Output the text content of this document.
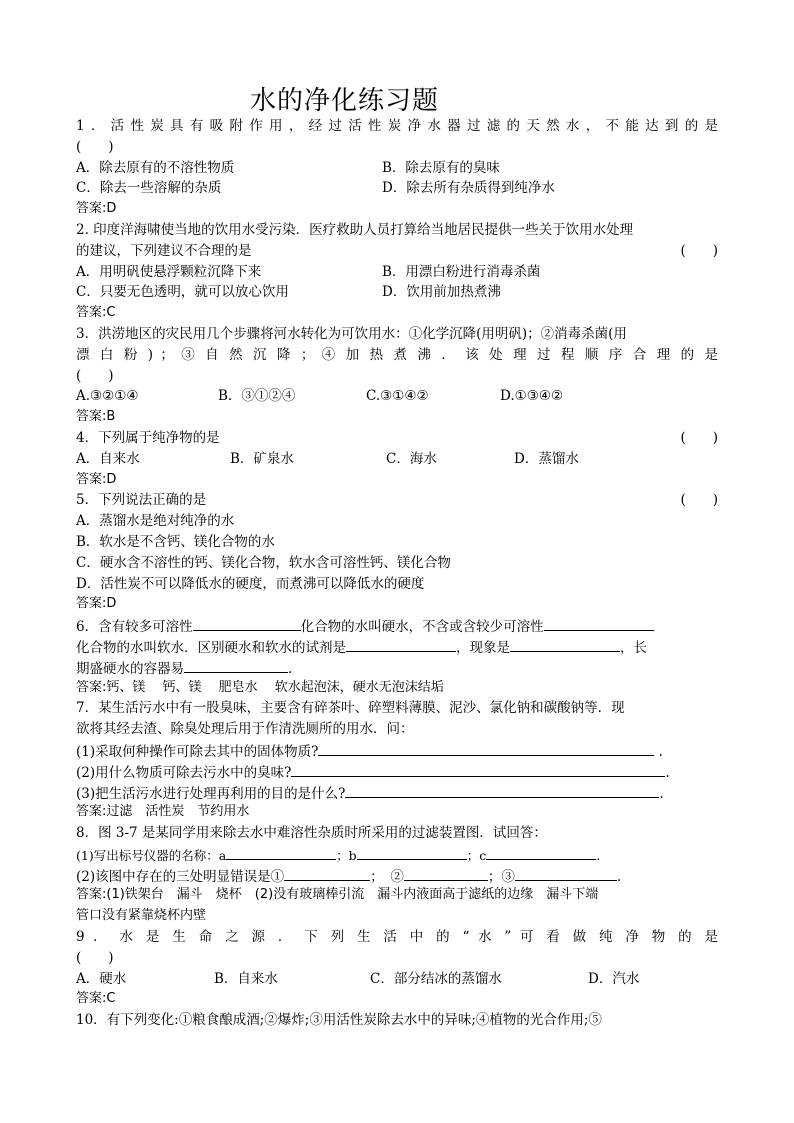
水的净化练习题
1．活性炭具有吸附作用，经过活性炭净水器过滤的天然水，不能达到的是
(　　)
A．除去原有的不溶性物质	B．除去原有的臭味
C．除去一些溶解的杂质	D．除去所有杂质得到纯净水
答案:D
2. 印度洋海啸使当地的饮用水受污染．医疗救助人员打算给当地居民提供一些关于饮用水处理
的建议，下列建议不合理的是	(　　)
A．用明矾使悬浮颗粒沉降下来	B．用漂白粉进行消毒杀菌
C．只要无色透明，就可以放心饮用	D．饮用前加热煮沸
答案:C
3．洪涝地区的灾民用几个步骤将河水转化为可饮用水：①化学沉降(用明矾)；②消毒杀菌(用
漂 白 粉 ) ； ③ 自 然 沉 降 ； ④ 加 热 煮 沸 ． 该 处 理 过 程 顺 序 合 理 的 是
(　　)
A.③②①④	B．③①②④	C.③①④②	D.①③④②
答案:B
4．下列属于纯净物的是	(　　)
A．自来水	B．矿泉水	C．海水	D．蒸馏水
答案:D
5．下列说法正确的是	(　　)
A．蒸馏水是绝对纯净的水
B．软水是不含钙、镁化合物的水
C．硬水含不溶性的钙、镁化合物，软水含可溶性钙、镁化合物
D．活性炭不可以降低水的硬度，而煮沸可以降低水的硬度
答案:D
6．含有较多可溶性	化合物的水叫硬水，不含或含较少可溶性
化合物的水叫软水．区别硬水和软水的试剂是	，现象是	，长
期盛硬水的容器易	.
答案:钙、镁　 钙、镁　 肥皂水　 软水起泡沫，硬水无泡沫结垢
7．某生活污水中有一股臭味，主要含有碎茶叶、碎塑料薄膜、泥沙、氯化钠和碳酸钠等．现
欲将其经去渣、除臭处理后用于作清洗厕所的用水．问：
(1)采取何种操作可除去其中的固体物质?	.
(2)用什么物质可除去污水中的臭味?	.
(3)把生活污水进行处理再利用的目的是什么?	.
答案:过滤　活性炭　节约用水
8．图 3-7 是某同学用来除去水中难溶性杂质时所采用的过滤装置图．试回答：
(1)写出标号仪器的名称：a	；b	；c	.
(2)该图中存在的三处明显错误是①	；　②	；③	.
答案:(1)铁架台　漏斗　烧杯　(2)没有玻璃棒引流　漏斗内液面高于滤纸的边缘　漏斗下端
管口没有紧靠烧杯内壁
9 ． 水 是 生 命 之 源 ． 下 列 生 活 中 的 “ 水 ” 可 看 做 纯 净 物 的 是
(　　)
A．硬水	B．自来水	C．部分结冰的蒸馏水	D．汽水
答案:C
10．有下列变化:①粮食酿成酒;②爆炸;③用活性炭除去水中的异味;④植物的光合作用;⑤
